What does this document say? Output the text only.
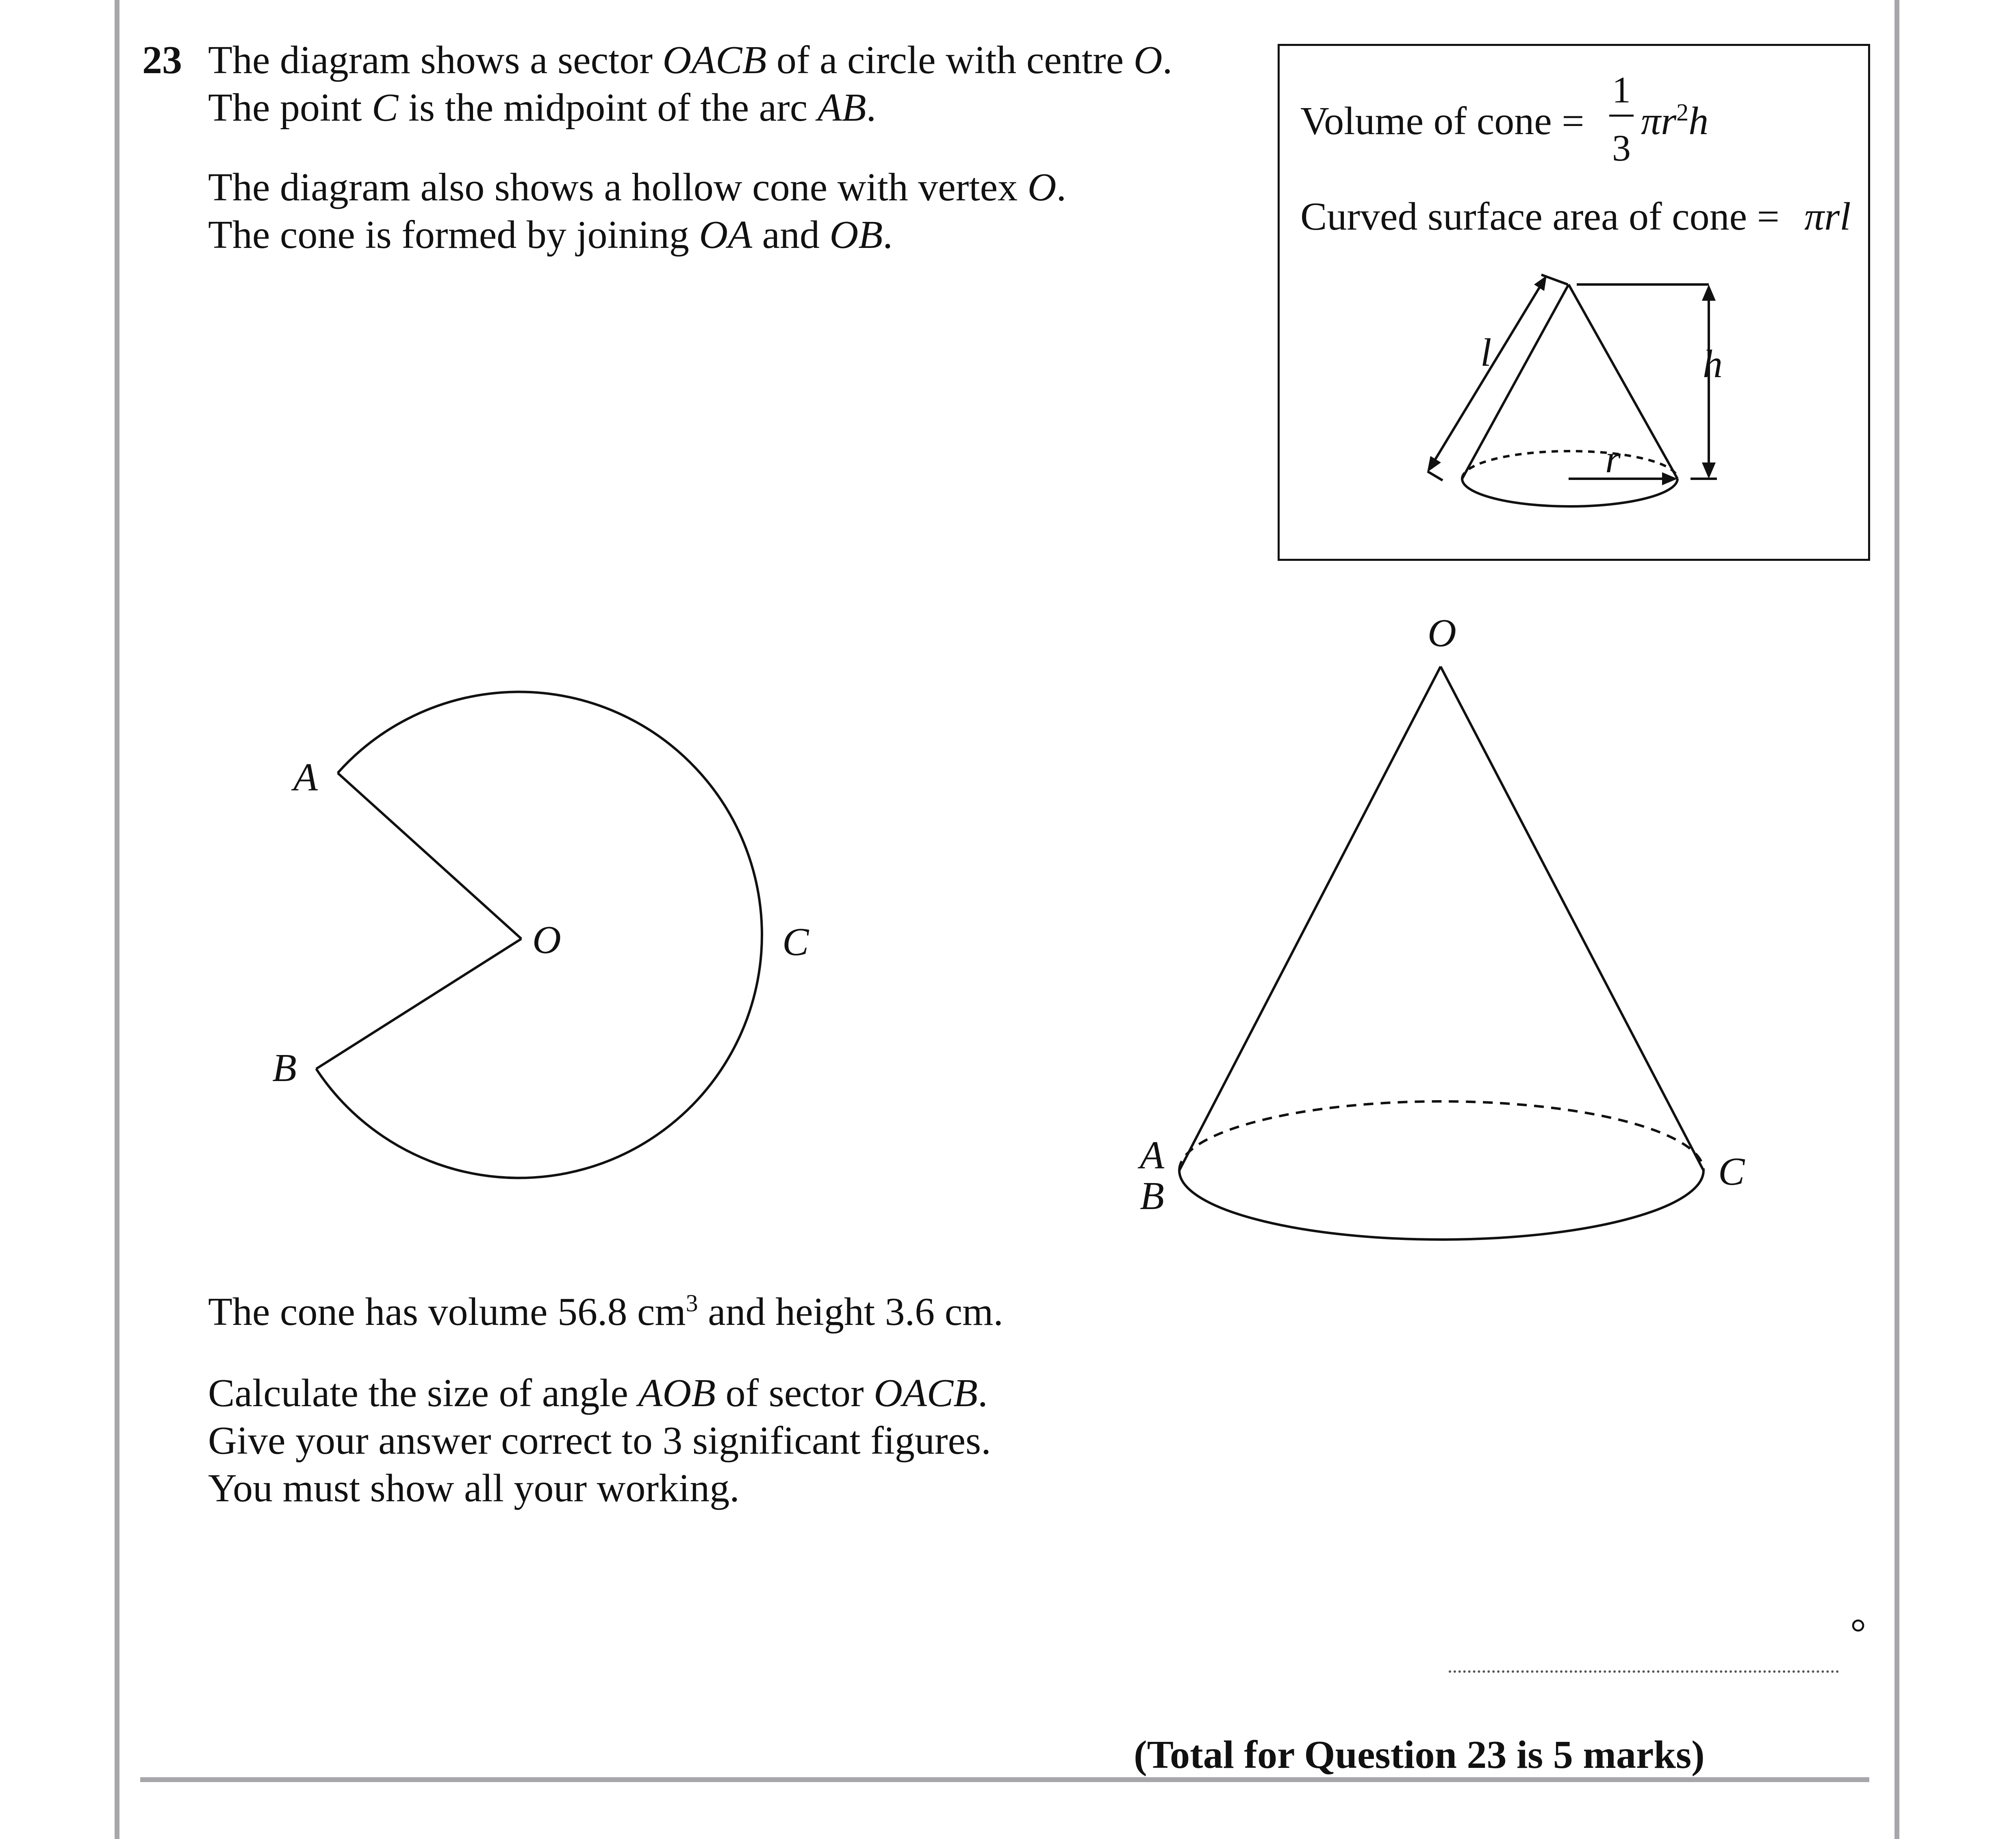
23 The diagram shows a sector OACB of a circle with centre O.
The point C is the midpoint of the arc AB.
The diagram also shows a hollow cone with vertex O.
The cone is formed by joining OA and OB.
Volume of cone =
1
3
$\pi r^2h$
Curved surface area of cone = πrl
l	h
r
A
B
O	C
O
A
B
C
°
The cone has volume 56.8 $cm^3$ and height 3.6 cm.
Calculate the size of angle AOB of sector OACB.
Give your answer correct to 3 significant figures.
You must show all your working.
(Total for Question 23 is 5 marks)
